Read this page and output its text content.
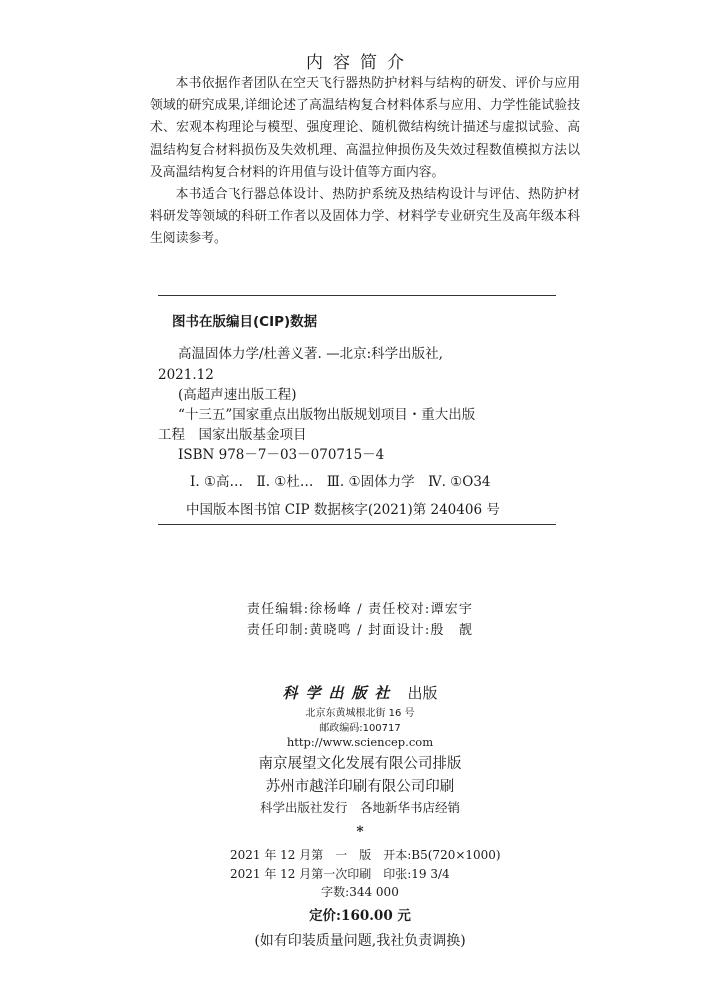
内容简介

本书依据作者团队在空天飞行器热防护材料与结构的研发、评价与应用领域的研究成果,详细论述了高温结构复合材料体系与应用、力学性能试验技术、宏观本构理论与模型、强度理论、随机微结构统计描述与虚拟试验、高温结构复合材料损伤及失效机理、高温拉伸损伤及失效过程数值模拟方法以及高温结构复合材料的许用值与设计值等方面内容。

本书适合飞行器总体设计、热防护系统及热结构设计与评估、热防护材料研发等领域的科研工作者以及固体力学、材料学专业研究生及高年级本科生阅读参考。

图书在版编目(CIP)数据
高温固体力学/杜善义著. —北京:科学出版社,
2021.12
(高超声速出版工程)
“十三五”国家重点出版物出版规划项目・重大出版
工程　国家出版基金项目
ISBN 978－7－03－070715－4
Ⅰ. ①高…　Ⅱ. ①杜…　Ⅲ. ①固体力学　Ⅳ. ①O34
中国版本图书馆 CIP 数据核字(2021)第 240406 号
责任编辑:徐杨峰 / 责任校对:谭宏宇
责任印制:黄晓鸣 / 封面设计:殷　靓
科学出版社 出版
北京东黄城根北街 16 号
邮政编码:100717
http://www.sciencep.com
南京展望文化发展有限公司排版
苏州市越洋印刷有限公司印刷
科学出版社发行　各地新华书店经销
*
2021 年 12 月第　一　版　开本:B5(720×1000)
2021 年 12 月第一次印刷　印张:19 3/4
字数:344 000
定价:160.00 元
(如有印装质量问题,我社负责调换)
